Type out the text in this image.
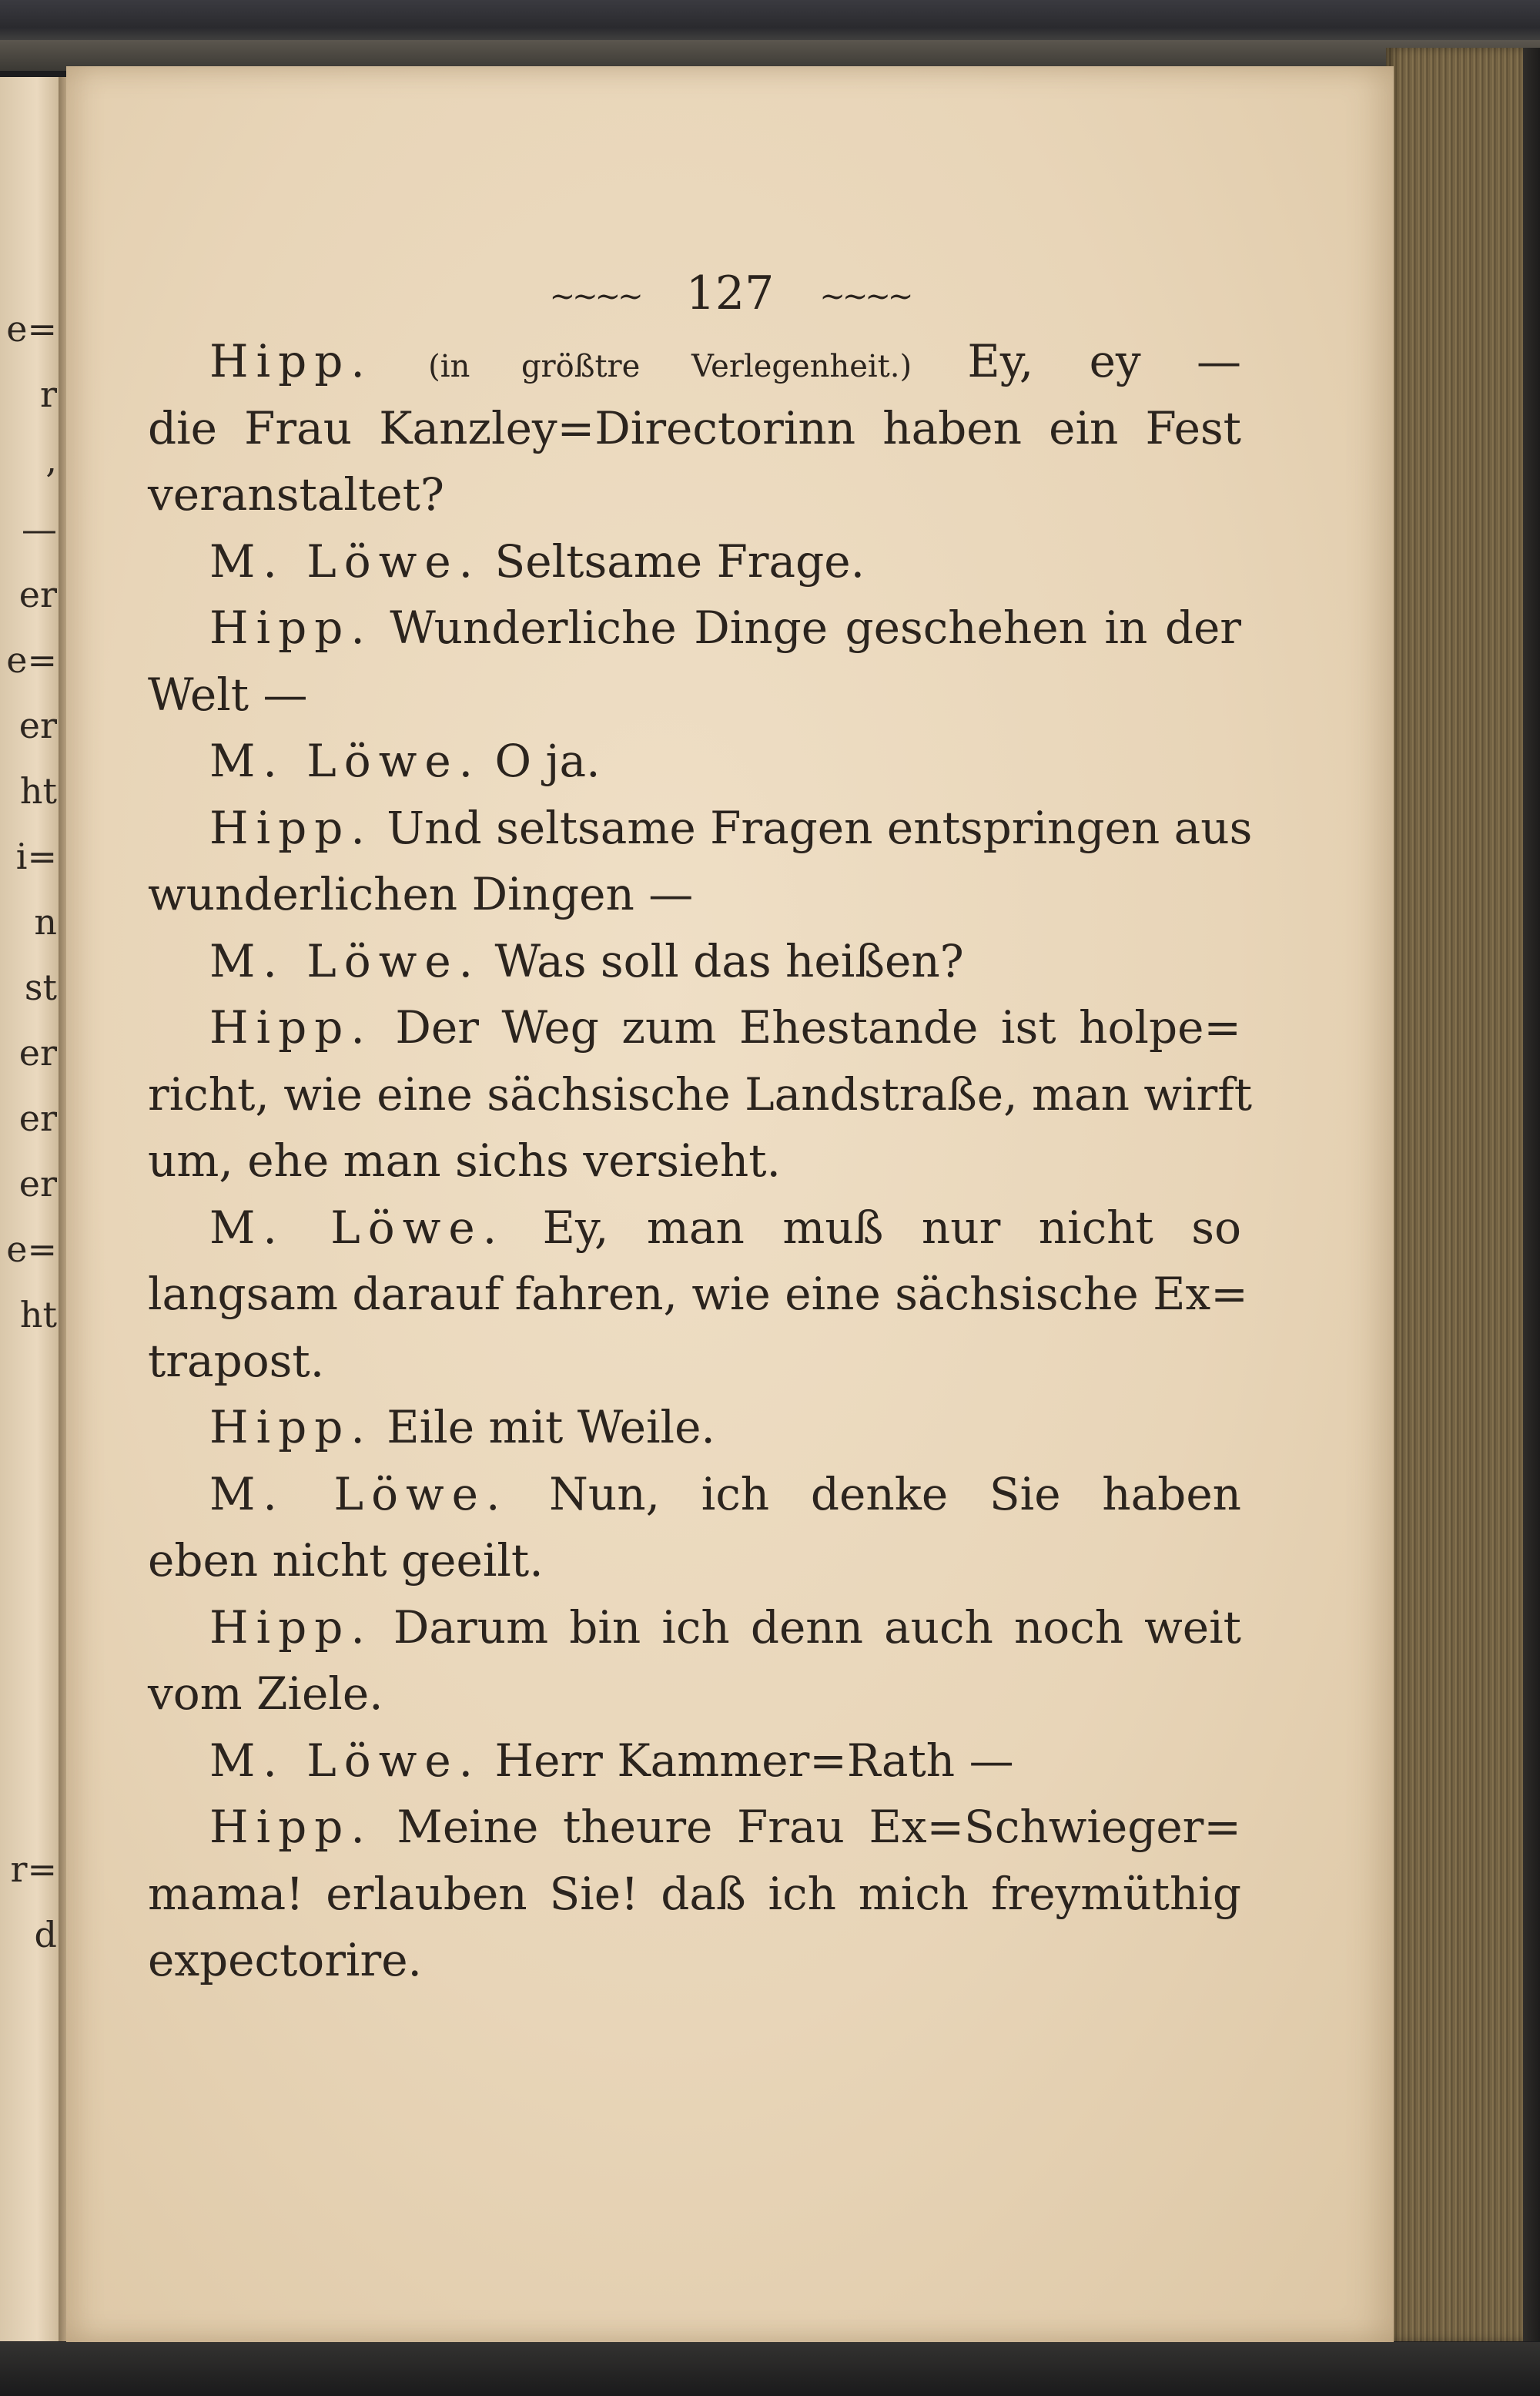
e=
r
,
—
er
e=
er
ht
i=
n
st
er
er
er
e=
ht
r=
d
~~~~ 127 ~~~~
Hipp. (in größtre Verlegenheit.) Ey, ey —
die Frau Kanzley=Directorinn haben ein Fest
veranstaltet?
M. Löwe. Seltsame Frage.
Hipp. Wunderliche Dinge geschehen in der
Welt —
M. Löwe. O ja.
Hipp. Und seltsame Fragen entspringen aus
wunderlichen Dingen —
M. Löwe. Was soll das heißen?
Hipp. Der Weg zum Ehestande ist holpe=
richt, wie eine sächsische Landstraße, man wirft
um, ehe man sichs versieht.
M. Löwe. Ey, man muß nur nicht so
langsam darauf fahren, wie eine sächsische Ex=
trapost.
Hipp. Eile mit Weile.
M. Löwe. Nun, ich denke Sie haben
eben nicht geeilt.
Hipp. Darum bin ich denn auch noch weit
vom Ziele.
M. Löwe. Herr Kammer=Rath —
Hipp. Meine theure Frau Ex=Schwieger=
mama! erlauben Sie! daß ich mich freymüthig
expectorire.
